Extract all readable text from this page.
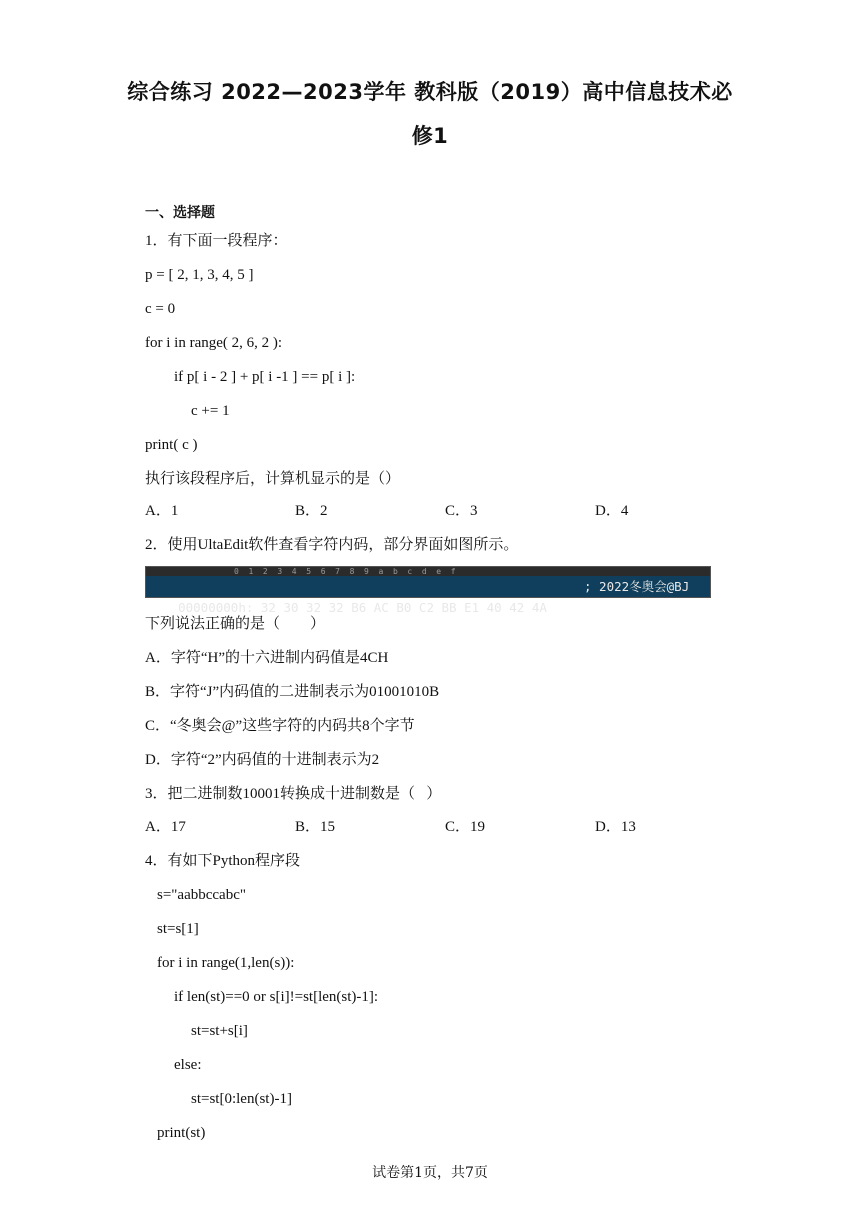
综合练习 2022—2023学年 教科版（2019）高中信息技术必
修1
一、选择题
1．有下面一段程序：
p = [ 2, 1, 3, 4, 5 ]
c = 0
for i in range( 2, 6, 2 ):
if p[ i - 2 ] + p[ i -1 ] == p[ i ]:
c += 1
print( c )
执行该段程序后，计算机显示的是（）
A．1	B．2	C．3	D．4
2．使用UltaEdit软件查看字符内码，部分界面如图所示。
0  1  2  3  4  5  6  7  8  9  a  b  c  d  e  f

00000000h: 32 30 32 32 B6 AC B0 C2 BB E1 40 42 4A

; 2022冬奥会@BJ

下列说法正确的是（        ）
A．字符“H”的十六进制内码值是4CH
B．字符“J”内码值的二进制表示为01001010B
C．“冬奥会@”这些字符的内码共8个字节
D．字符“2”内码值的十进制表示为2
3．把二进制数10001转换成十进制数是（   ）
A．17	B．15	C．19	D．13
4．有如下Python程序段
s="aabbccabc"
st=s[1]
for i in range(1,len(s)):
if len(st)==0 or s[i]!=st[len(st)-1]:
st=st+s[i]
else:
st=st[0:len(st)-1]
print(st)
试卷第1页，共7页
